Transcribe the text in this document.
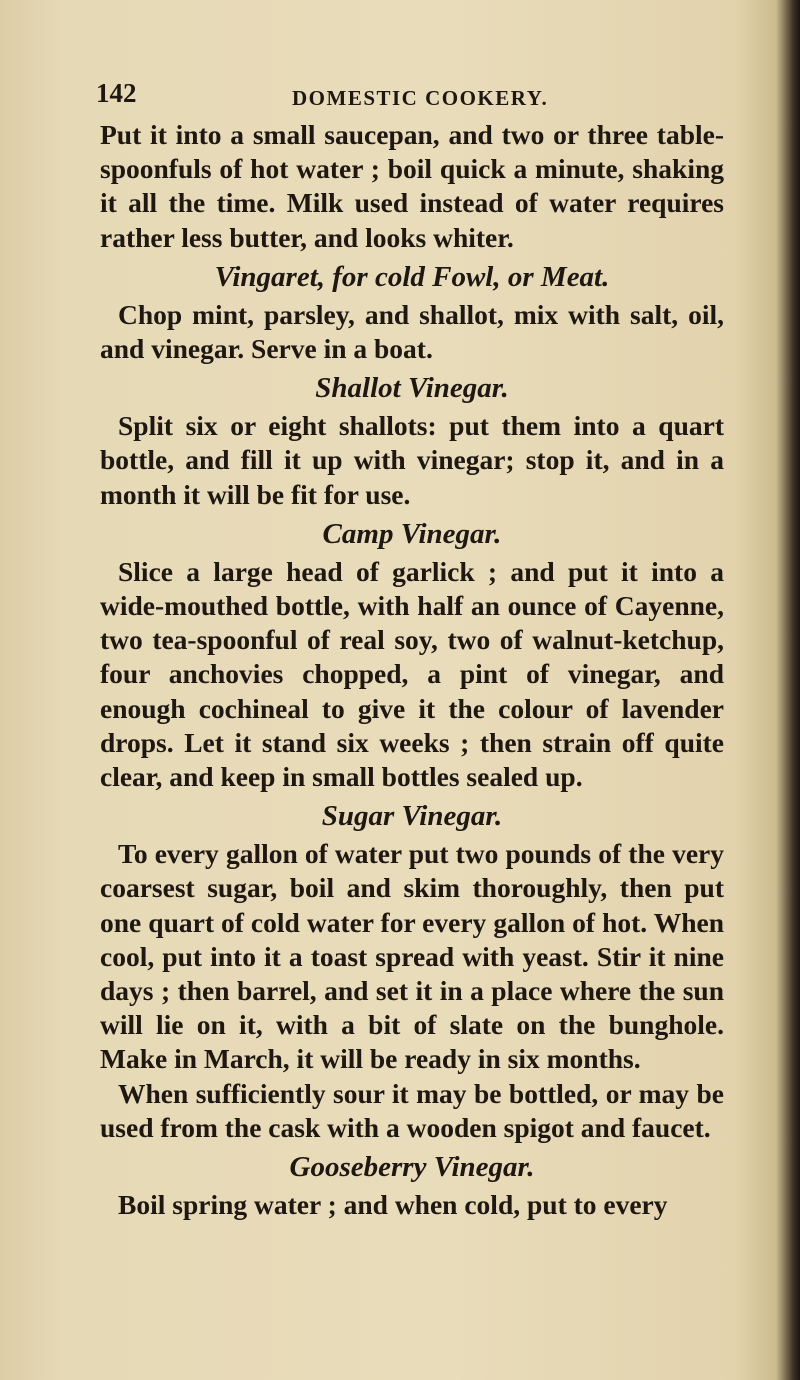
142	DOMESTIC COOKERY.

Put it into a small saucepan, and two or three table-spoonfuls of hot water ; boil quick a minute, shaking it all the time. Milk used instead of water requires rather less butter, and looks whiter.

Vingaret, for cold Fowl, or Meat.

Chop mint, parsley, and shallot, mix with salt, oil, and vinegar. Serve in a boat.

Shallot Vinegar.

Split six or eight shallots: put them into a quart bottle, and fill it up with vinegar; stop it, and in a month it will be fit for use.

Camp Vinegar.

Slice a large head of garlick ; and put it into a wide-mouthed bottle, with half an ounce of Cayenne, two tea-spoonful of real soy, two of walnut-ketchup, four anchovies chopped, a pint of vinegar, and enough cochineal to give it the colour of lavender drops. Let it stand six weeks ; then strain off quite clear, and keep in small bottles sealed up.

Sugar Vinegar.

To every gallon of water put two pounds of the very coarsest sugar, boil and skim thoroughly, then put one quart of cold water for every gallon of hot. When cool, put into it a toast spread with yeast. Stir it nine days ; then barrel, and set it in a place where the sun will lie on it, with a bit of slate on the bunghole. Make in March, it will be ready in six months.

When sufficiently sour it may be bottled, or may be used from the cask with a wooden spigot and faucet.

Gooseberry Vinegar.

Boil spring water ; and when cold, put to every
